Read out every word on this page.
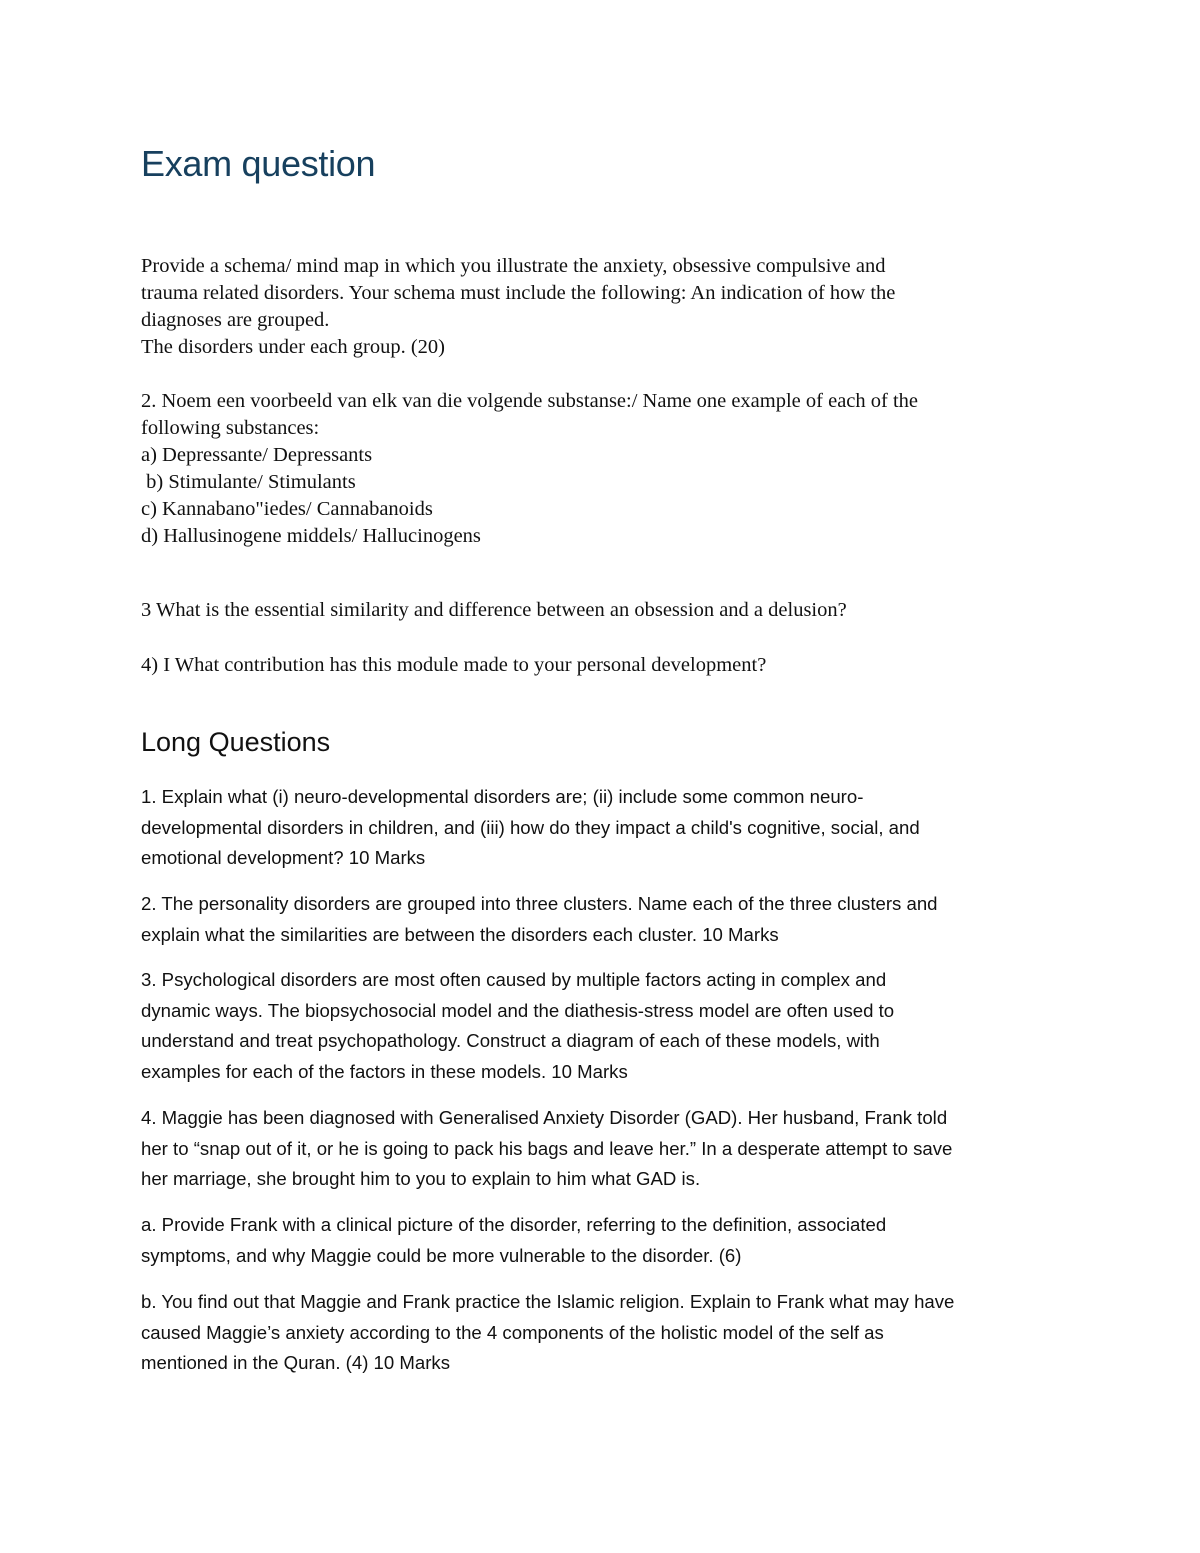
Exam question

Provide a schema/ mind map in which you illustrate the anxiety, obsessive compulsive and

trauma related disorders. Your schema must include the following: An indication of how the

diagnoses are grouped.

The disorders under each group. (20)

2. Noem een voorbeeld van elk van die volgende substanse:/ Name one example of each of the

following substances:

a) Depressante/ Depressants

b) Stimulante/ Stimulants

c) Kannabano"iedes/ Cannabanoids

d) Hallusinogene middels/ Hallucinogens

3 What is the essential similarity and difference between an obsession and a delusion?

4) I What contribution has this module made to your personal development?

Long Questions

1. Explain what (i) neuro-developmental disorders are; (ii) include some common neuro-

developmental disorders in children, and (iii) how do they impact a child's cognitive, social, and

emotional development? 10 Marks

2. The personality disorders are grouped into three clusters. Name each of the three clusters and

explain what the similarities are between the disorders each cluster. 10 Marks

3. Psychological disorders are most often caused by multiple factors acting in complex and

dynamic ways. The biopsychosocial model and the diathesis-stress model are often used to

understand and treat psychopathology. Construct a diagram of each of these models, with

examples for each of the factors in these models. 10 Marks

4. Maggie has been diagnosed with Generalised Anxiety Disorder (GAD). Her husband, Frank told

her to “snap out of it, or he is going to pack his bags and leave her.” In a desperate attempt to save

her marriage, she brought him to you to explain to him what GAD is.

a. Provide Frank with a clinical picture of the disorder, referring to the definition, associated

symptoms, and why Maggie could be more vulnerable to the disorder. (6)

b. You find out that Maggie and Frank practice the Islamic religion. Explain to Frank what may have

caused Maggie’s anxiety according to the 4 components of the holistic model of the self as

mentioned in the Quran. (4) 10 Marks
